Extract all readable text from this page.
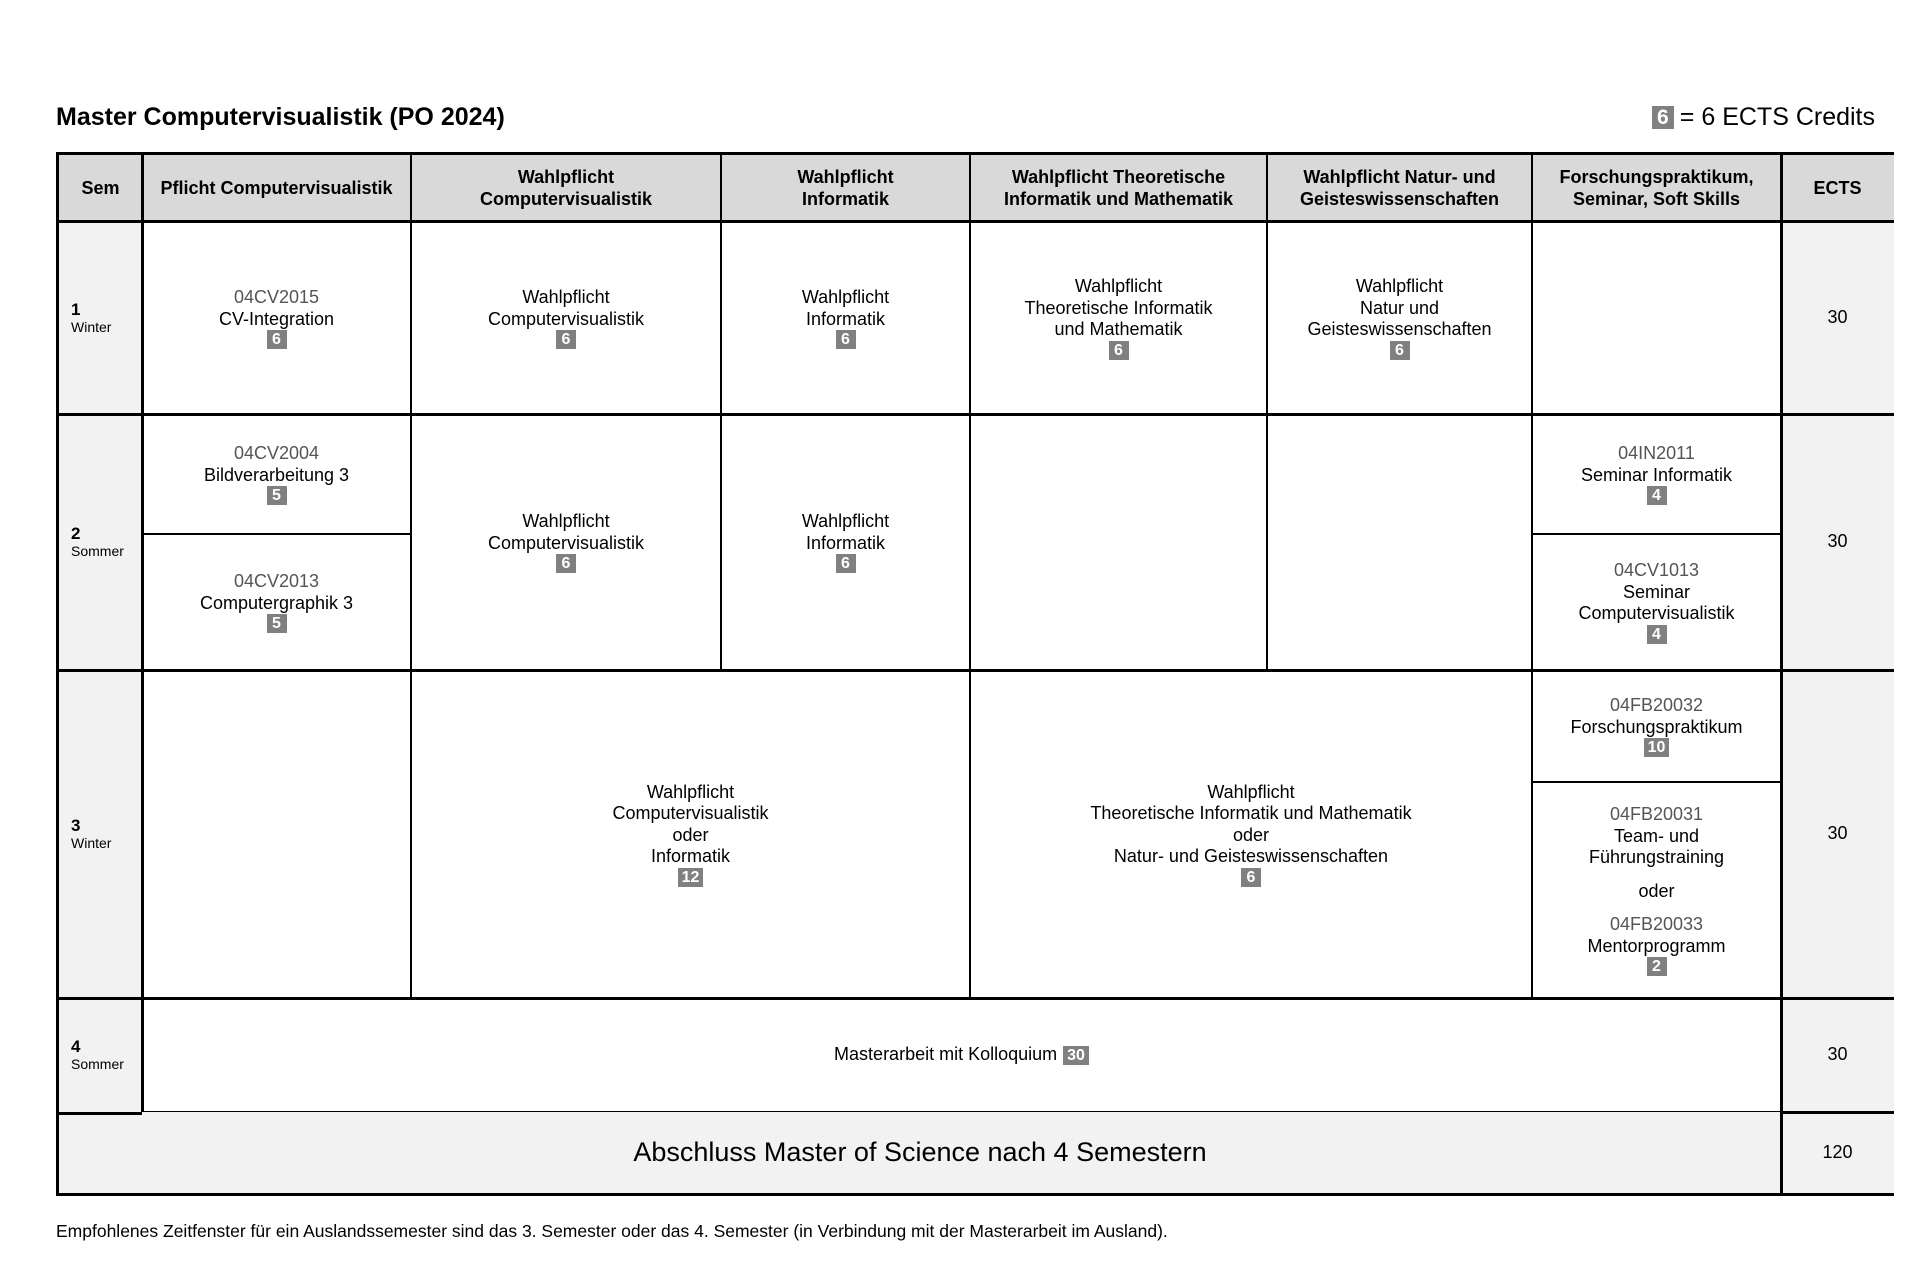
Master Computervisualistik (PO 2024)	6 = 6 ECTS Credits
Sem Pflicht Computervisualistik
Wahlpflicht
Computervisualistik
Wahlpflicht
Informatik
Wahlpflicht Theoretische
Informatik und Mathematik
Wahlpflicht Natur- und
Geisteswissenschaften
Forschungspraktikum,
Seminar, Soft Skills
ECTS
1
Winter
2
Sommer
3
Winter
4
Sommer
30
30
30
30
04CV2015
CV-Integration
6
Wahlpflicht
Computervisualistik
6
Wahlpflicht
Informatik
6
Wahlpflicht
Theoretische Informatik
und Mathematik
6
Wahlpflicht
Natur und
Geisteswissenschaften
6
04CV2004
Bildverarbeitung 3
5
04CV2013
Computergraphik 3
5
Wahlpflicht
Computervisualistik
6
Wahlpflicht
Informatik
6
04IN2011
Seminar Informatik
4
04CV1013
Seminar
Computervisualistik
4
Wahlpflicht
Computervisualistik
oder
Informatik
12
Wahlpflicht
Theoretische Informatik und Mathematik
oder
Natur- und Geisteswissenschaften
6
04FB20032
Forschungspraktikum
10
04FB20031
Team- und
Führungstraining
oder
04FB20033
Mentorprogramm
2
Masterarbeit mit Kolloquium 30
Abschluss Master of Science nach 4 Semestern	120
Empfohlenes Zeitfenster für ein Auslandssemester sind das 3. Semester oder das 4. Semester (in Verbindung mit der Masterarbeit im Ausland).
